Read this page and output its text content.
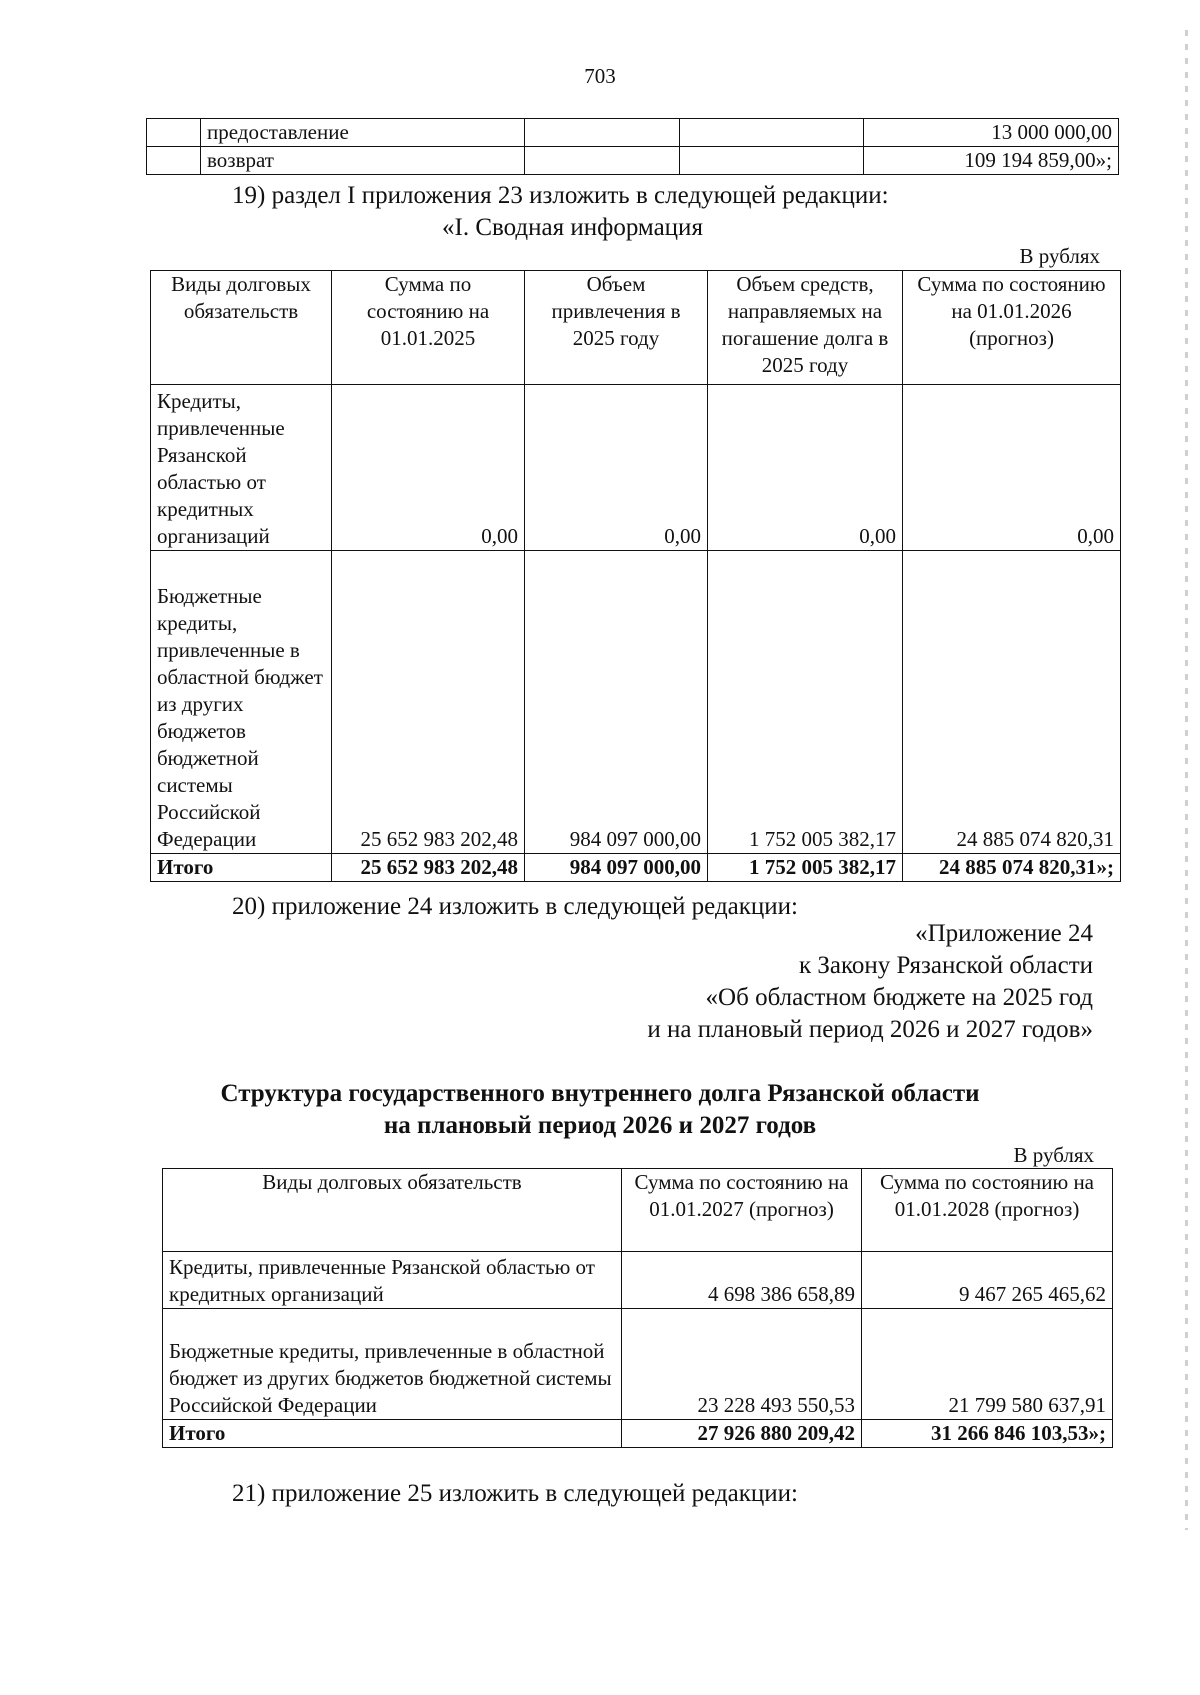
703
	предоставление			13 000 000,00
	возврат			109 194 859,00»;
19) раздел I приложения 23 изложить в следующей редакции:
«I. Сводная информация
В рублях
Виды долговых обязательств	Сумма по состоянию на 01.01.2025	Объем привлечения в 2025 году	Объем средств, направляемых на погашение долга в 2025 году	Сумма по состоянию на 01.01.2026 (прогноз)
Кредиты, привлеченные Рязанской областью от кредитных организаций	0,00	0,00	0,00	0,00
Бюджетные кредиты, привлеченные в областной бюджет из других бюджетов бюджетной системы Российской Федерации	25 652 983 202,48	984 097 000,00	1 752 005 382,17	24 885 074 820,31
Итого	25 652 983 202,48	984 097 000,00	1 752 005 382,17	24 885 074 820,31»;
20) приложение 24 изложить в следующей редакции:
«Приложение 24
к Закону Рязанской области
«Об областном бюджете на 2025 год
и на плановый период 2026 и 2027 годов»
Структура государственного внутреннего долга Рязанской области
на плановый период 2026 и 2027 годов
В рублях
Виды долговых обязательств	Сумма по состоянию на 01.01.2027 (прогноз)	Сумма по состоянию на 01.01.2028 (прогноз)
Кредиты, привлеченные Рязанской областью от кредитных организаций	4 698 386 658,89	9 467 265 465,62
Бюджетные кредиты, привлеченные в областной бюджет из других бюджетов бюджетной системы Российской Федерации	23 228 493 550,53	21 799 580 637,91
Итого	27 926 880 209,42	31 266 846 103,53»;
21) приложение 25 изложить в следующей редакции:
